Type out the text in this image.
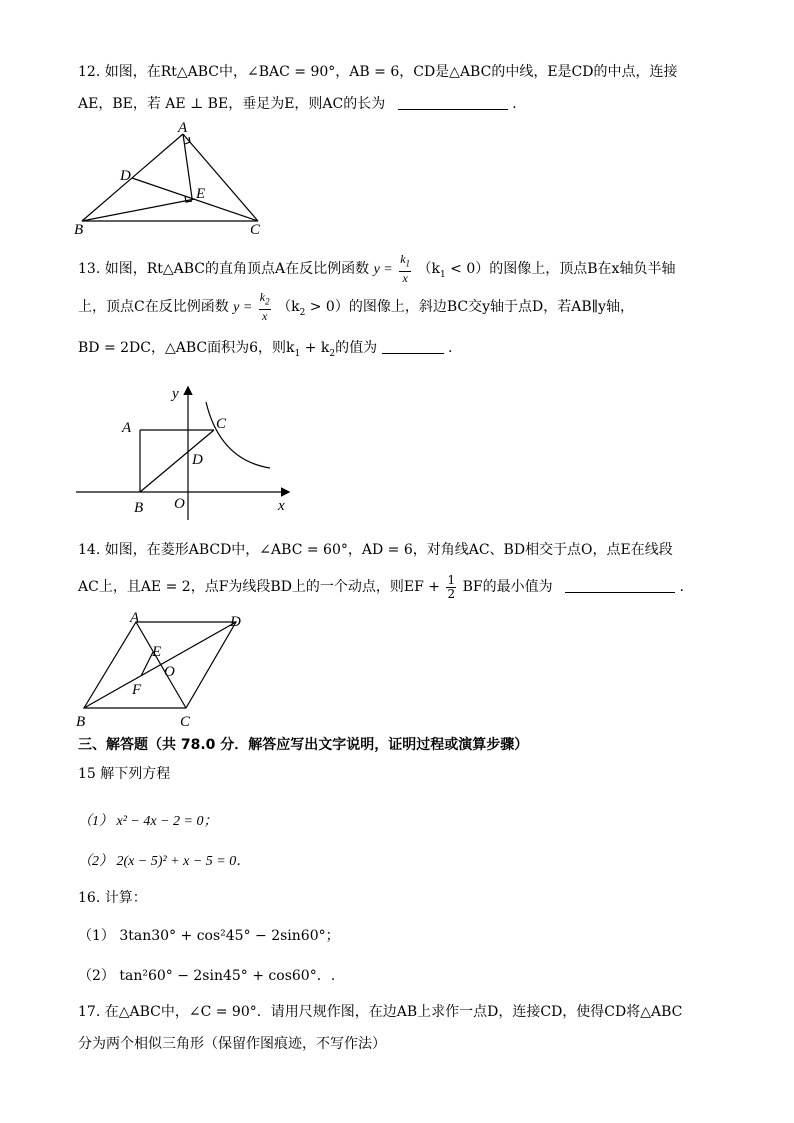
12. 如图，在Rt△ABC中，∠BAC = 90°，AB = 6，CD是△ABC的中线，E是CD的中点，连接
AE，BE，若 AE ⊥ BE，垂足为E，则AC的长为	.
A
D
E
B	C
13. 如图，Rt△ABC的直角顶点A在反比例函数 $y = \frac{k_1}{x} (k_1 < 0)$的图像上，顶点B在x轴负半轴
上，顶点C在反比例函数 $y = \frac{k_2}{x} (k_2 > 0)$的图像上，斜边BC交y轴于点D，若AB∥y轴，
BD = 2DC，△ABC面积为6，则$k_1 + k_2$的值为	.
y
A	C
D
B O	x
14. 如图，在菱形ABCD中，∠ABC = 60°，AD = 6，对角线AC、BD相交于点O，点E在线段
AC上，且AE = 2，点F为线段BD上的一个动点，则EF + $\frac{1}{2}$ BF的最小值为	.
A	D
E
O
F
B	C
三、解答题（共 78.0 分．解答应写出文字说明，证明过程或演算步骤）
15 解下列方程
（1） x² − 4x − 2 = 0；
（2） 2(x − 5)² + x − 5 = 0．
16. 计算：
（1） 3tan30° + cos²45° − 2sin60°；
（2） tan²60° − 2sin45° + cos60°．.
17. 在△ABC中，∠C = 90°．请用尺规作图，在边AB上求作一点D，连接CD，使得CD将△ABC
分为两个相似三角形（保留作图痕迹，不写作法）
